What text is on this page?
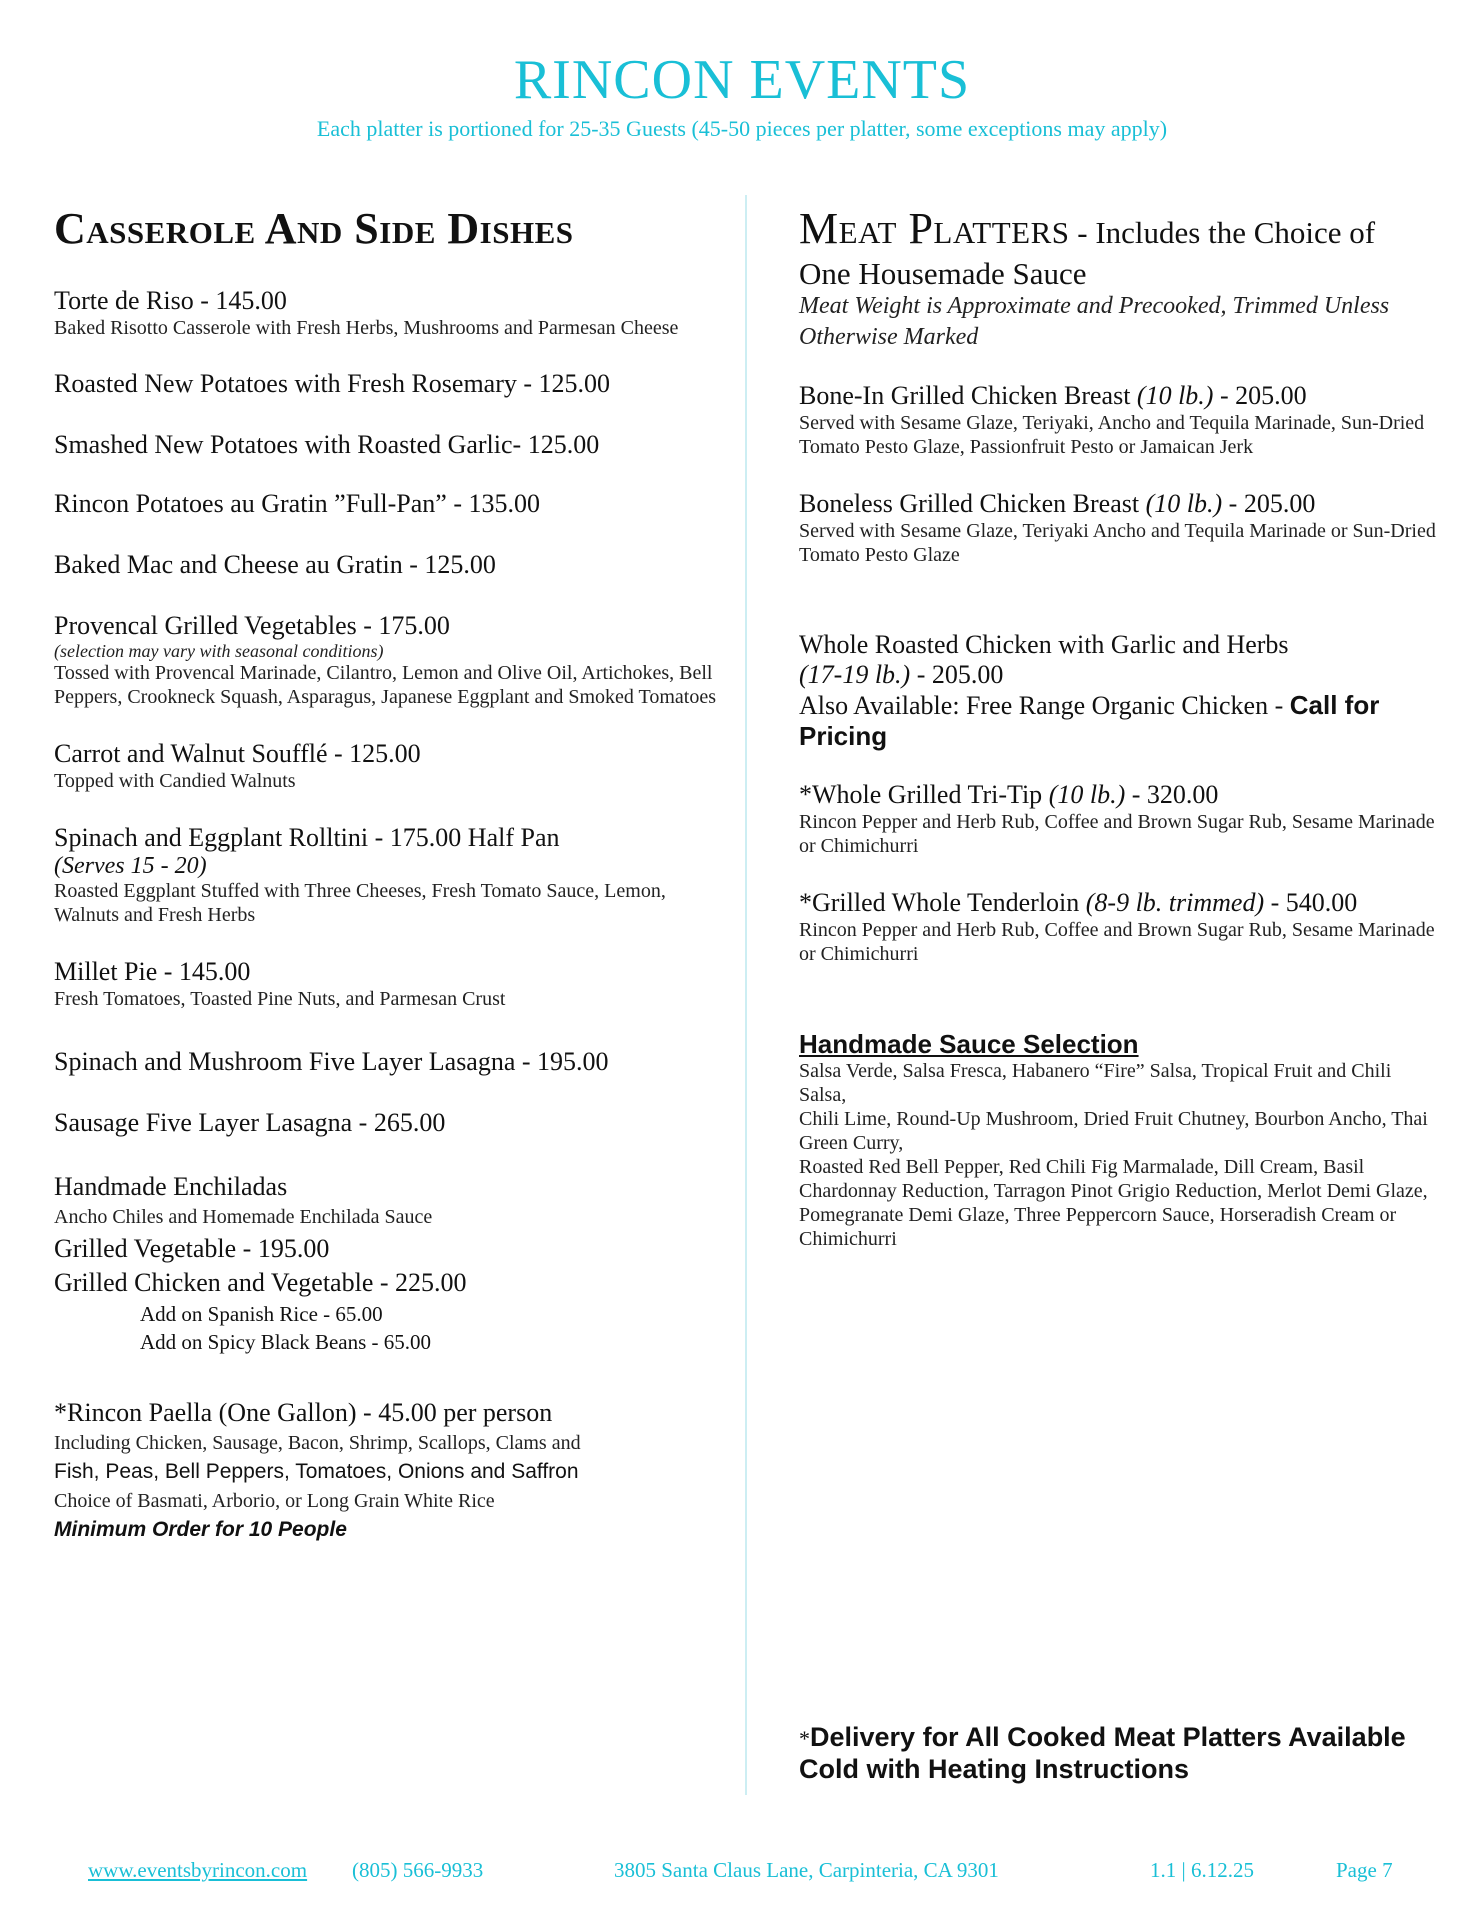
RINCON EVENTS
Each platter is portioned for 25-35 Guests (45-50 pieces per platter, some exceptions may apply)
Casserole And Side Dishes
Torte de Riso - 145.00
Baked Risotto Casserole with Fresh Herbs, Mushrooms and Parmesan Cheese
Roasted New Potatoes with Fresh Rosemary - 125.00
Smashed New Potatoes with Roasted Garlic- 125.00
Rincon Potatoes au Gratin ”Full-Pan” - 135.00
Baked Mac and Cheese au Gratin - 125.00
Provencal Grilled Vegetables - 175.00
(selection may vary with seasonal conditions)
Tossed with Provencal Marinade, Cilantro, Lemon and Olive Oil, Artichokes, Bell Peppers, Crookneck Squash, Asparagus, Japanese Eggplant and Smoked Tomatoes
Carrot and Walnut Soufflé - 125.00
Topped with Candied Walnuts
Spinach and Eggplant Rolltini - 175.00 Half Pan
(Serves 15 - 20)
Roasted Eggplant Stuffed with Three Cheeses, Fresh Tomato Sauce, Lemon, Walnuts and Fresh Herbs
Millet Pie - 145.00
Fresh Tomatoes, Toasted Pine Nuts, and Parmesan Crust
Spinach and Mushroom Five Layer Lasagna - 195.00
Sausage Five Layer Lasagna - 265.00
Handmade Enchiladas
Ancho Chiles and Homemade Enchilada Sauce
Grilled Vegetable - 195.00
Grilled Chicken and Vegetable - 225.00
Add on Spanish Rice - 65.00
Add on Spicy Black Beans - 65.00
*Rincon Paella (One Gallon) - 45.00 per person
Including Chicken, Sausage, Bacon, Shrimp, Scallops, Clams and
Fish, Peas, Bell Peppers, Tomatoes, Onions and Saffron
Choice of Basmati, Arborio, or Long Grain White Rice
Minimum Order for 10 People
Meat Platters - Includes the Choice of
One Housemade Sauce
Meat Weight is Approximate and Precooked, Trimmed Unless Otherwise Marked
Bone-In Grilled Chicken Breast (10 lb.) - 205.00
Served with Sesame Glaze, Teriyaki, Ancho and Tequila Marinade, Sun-Dried Tomato Pesto Glaze, Passionfruit Pesto or Jamaican Jerk
Boneless Grilled Chicken Breast (10 lb.) - 205.00
Served with Sesame Glaze, Teriyaki Ancho and Tequila Marinade or Sun-Dried Tomato Pesto Glaze
Whole Roasted Chicken with Garlic and Herbs
(17-19 lb.) - 205.00
Also Available: Free Range Organic Chicken - Call for Pricing
*Whole Grilled Tri-Tip (10 lb.) - 320.00
Rincon Pepper and Herb Rub, Coffee and Brown Sugar Rub, Sesame Marinade or Chimichurri
*Grilled Whole Tenderloin (8-9 lb. trimmed) - 540.00
Rincon Pepper and Herb Rub, Coffee and Brown Sugar Rub, Sesame Marinade or Chimichurri
Handmade Sauce Selection
Salsa Verde, Salsa Fresca, Habanero “Fire” Salsa, Tropical Fruit and Chili Salsa,
Chili Lime, Round-Up Mushroom, Dried Fruit Chutney, Bourbon Ancho, Thai Green Curry,
Roasted Red Bell Pepper, Red Chili Fig Marmalade, Dill Cream, Basil Chardonnay Reduction, Tarragon Pinot Grigio Reduction, Merlot Demi Glaze, Pomegranate Demi Glaze, Three Peppercorn Sauce, Horseradish Cream or Chimichurri
*Delivery for All Cooked Meat Platters Available Cold with Heating Instructions
www.eventsbyrincon.com (805) 566-9933	3805 Santa Claus Lane, Carpinteria, CA 9301	1.1 | 6.12.25	Page 7
